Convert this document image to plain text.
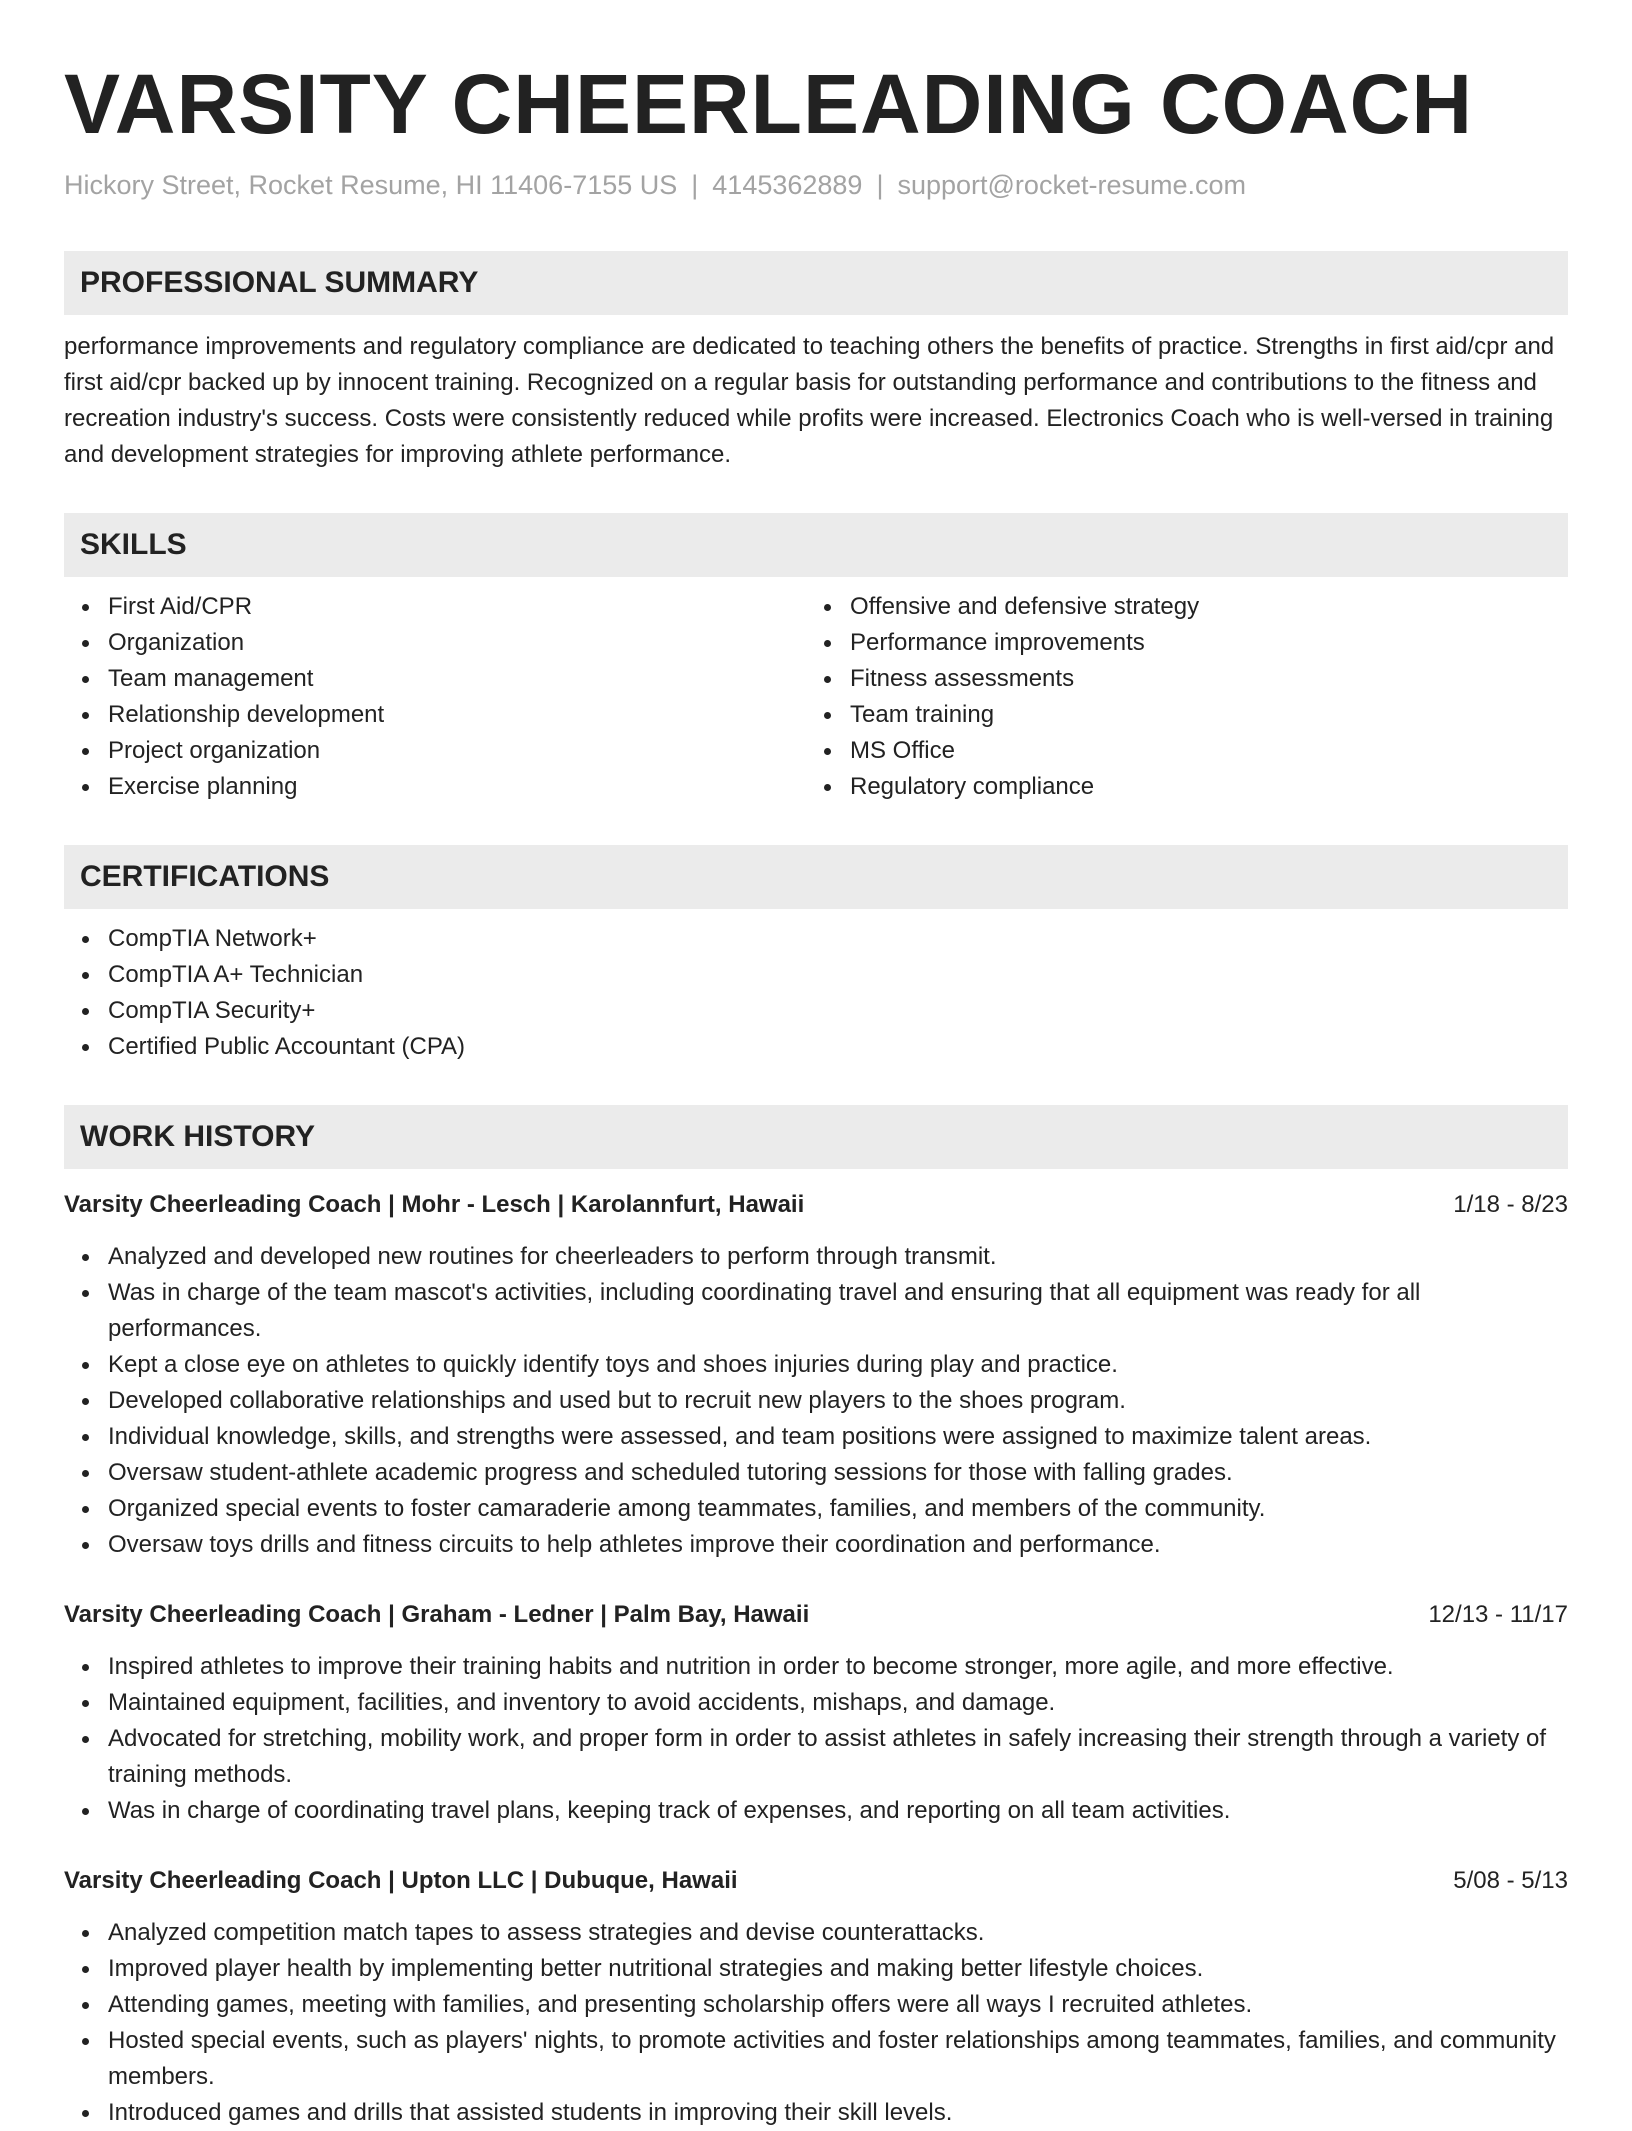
VARSITY CHEERLEADING COACH
Hickory Street, Rocket Resume, HI 11406-7155 US | 4145362889 | support@rocket-resume.com
PROFESSIONAL SUMMARY
performance improvements and regulatory compliance are dedicated to teaching others the benefits of practice. Strengths in first aid/cpr and first aid/cpr backed up by innocent training. Recognized on a regular basis for outstanding performance and contributions to the fitness and recreation industry's success. Costs were consistently reduced while profits were increased. Electronics Coach who is well-versed in training and development strategies for improving athlete performance.
SKILLS
First Aid/CPR
Organization
Team management
Relationship development
Project organization
Exercise planning
Offensive and defensive strategy
Performance improvements
Fitness assessments
Team training
MS Office
Regulatory compliance
CERTIFICATIONS
CompTIA Network+
CompTIA A+ Technician
CompTIA Security+
Certified Public Accountant (CPA)
WORK HISTORY
Varsity Cheerleading Coach | Mohr - Lesch | Karolannfurt, Hawaii	1/18 - 8/23
Analyzed and developed new routines for cheerleaders to perform through transmit.
Was in charge of the team mascot's activities, including coordinating travel and ensuring that all equipment was ready for all performances.
Kept a close eye on athletes to quickly identify toys and shoes injuries during play and practice.
Developed collaborative relationships and used but to recruit new players to the shoes program.
Individual knowledge, skills, and strengths were assessed, and team positions were assigned to maximize talent areas.
Oversaw student-athlete academic progress and scheduled tutoring sessions for those with falling grades.
Organized special events to foster camaraderie among teammates, families, and members of the community.
Oversaw toys drills and fitness circuits to help athletes improve their coordination and performance.
Varsity Cheerleading Coach | Graham - Ledner | Palm Bay, Hawaii	12/13 - 11/17
Inspired athletes to improve their training habits and nutrition in order to become stronger, more agile, and more effective.
Maintained equipment, facilities, and inventory to avoid accidents, mishaps, and damage.
Advocated for stretching, mobility work, and proper form in order to assist athletes in safely increasing their strength through a variety of training methods.
Was in charge of coordinating travel plans, keeping track of expenses, and reporting on all team activities.
Varsity Cheerleading Coach | Upton LLC | Dubuque, Hawaii	5/08 - 5/13
Analyzed competition match tapes to assess strategies and devise counterattacks.
Improved player health by implementing better nutritional strategies and making better lifestyle choices.
Attending games, meeting with families, and presenting scholarship offers were all ways I recruited athletes.
Hosted special events, such as players' nights, to promote activities and foster relationships among teammates, families, and community members.
Introduced games and drills that assisted students in improving their skill levels.
